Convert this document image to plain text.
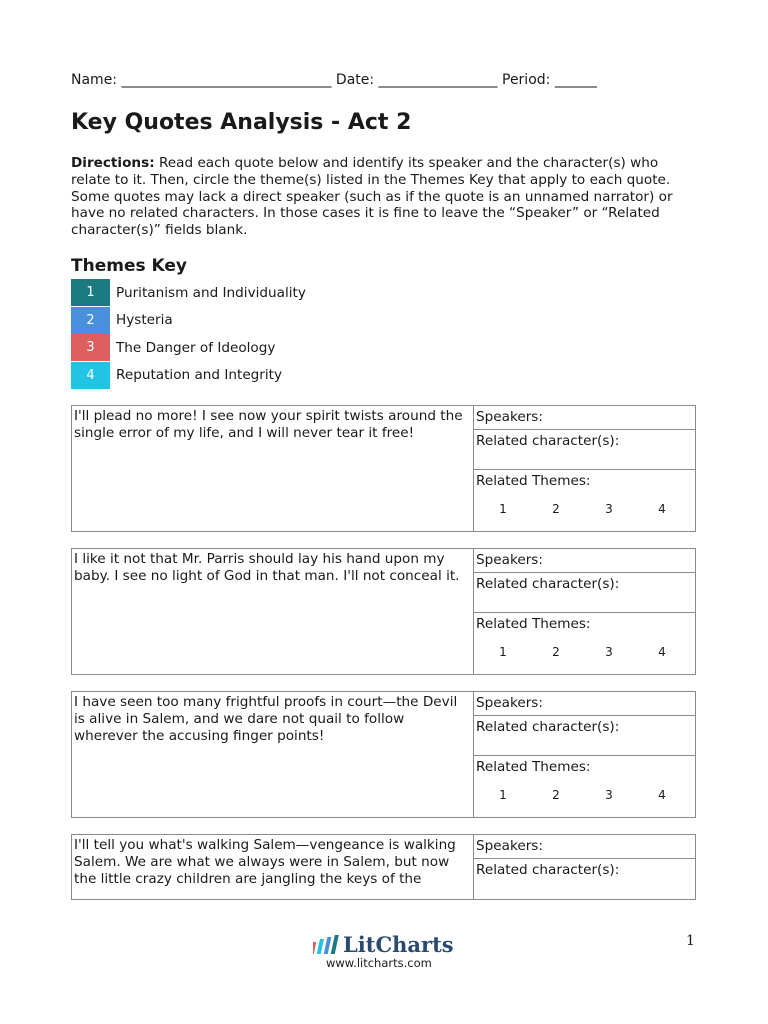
Name: ______________________________ Date: _________________ Period: ______
Key Quotes Analysis - Act 2
Directions: Read each quote below and identify its speaker and the character(s) who relate to it. Then, circle the theme(s) listed in the Themes Key that apply to each quote. Some quotes may lack a direct speaker (such as if the quote is an unnamed narrator) or have no related characters. In those cases it is fine to leave the “Speaker” or “Related character(s)” fields blank.
Themes Key
1	Puritanism and Individuality
2	Hysteria
3	The Danger of Ideology
4	Reputation and Integrity
I'll plead no more! I see now your spirit twists around the single error of my life, and I will never tear it free!
Speakers:
Related character(s):
Related Themes:
1	2	3	4
I like it not that Mr. Parris should lay his hand upon my baby. I see no light of God in that man. I'll not conceal it.
Speakers:
Related character(s):
Related Themes:
1	2	3	4
I have seen too many frightful proofs in court—the Devil is alive in Salem, and we dare not quail to follow wherever the accusing finger points!
Speakers:
Related character(s):
Related Themes:
1	2	3	4
I'll tell you what's walking Salem—vengeance is walking Salem. We are what we always were in Salem, but now the little crazy children are jangling the keys of the
Speakers:
Related character(s):
LitCharts
www.litcharts.com
1
